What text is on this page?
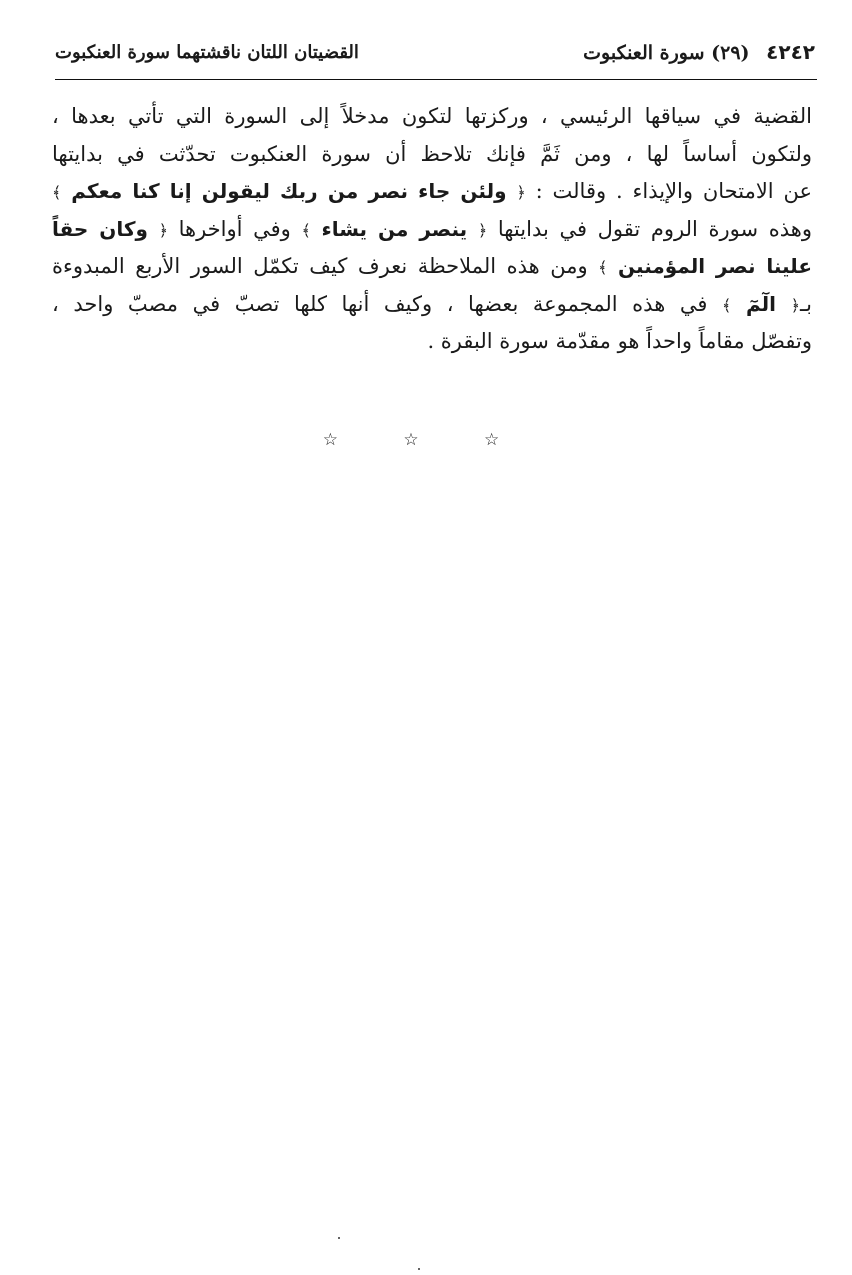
٤٢٤٢ (٢٩) سورة العنكبوت
القضيتان اللتان ناقشتهما سورة العنكبوت
القضية في سياقها الرئيسي ، وركزتها لتكون مدخلاً إلى السورة التي تأتي بعدها ،
ولتكون أساساً لها ، ومن ثَمَّ فإنك تلاحظ أن سورة العنكبوت تحدّثت في بدايتها
عن الامتحان والإيذاء . وقالت : ﴿ ولئن جاء نصر من ربك ليقولن إنا كنا معكم ﴾
وهذه سورة الروم تقول في بدايتها ﴿ ينصر من يشاء ﴾ وفي أواخرها ﴿ وكان حقاً
علينا نصر المؤمنين ﴾ ومن هذه الملاحظة نعرف كيف تكمّل السور الأربع المبدوءة
بـ﴿ الٓمٓ ﴾ في هذه المجموعة بعضها ، وكيف أنها كلها تصبّ في مصبّ واحد ،
وتفصّل مقاماً واحداً هو مقدّمة سورة البقرة .
☆ ☆ ☆
